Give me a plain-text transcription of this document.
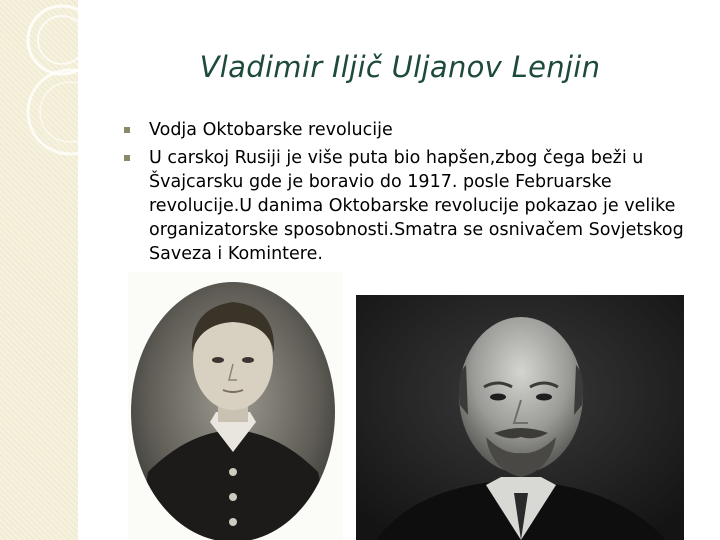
Vladimir Iljič Uljanov Lenjin
Vodja Oktobarske revolucije
U carskoj Rusiji je više puta bio hapšen,zbog čega beži u Švajcarsku gde je boravio do 1917. posle Februarske revolucije.U danima Oktobarske revolucije pokazao je velike organizatorske sposobnosti.Smatra se osnivačem Sovjetskog Saveza i Komintere.
